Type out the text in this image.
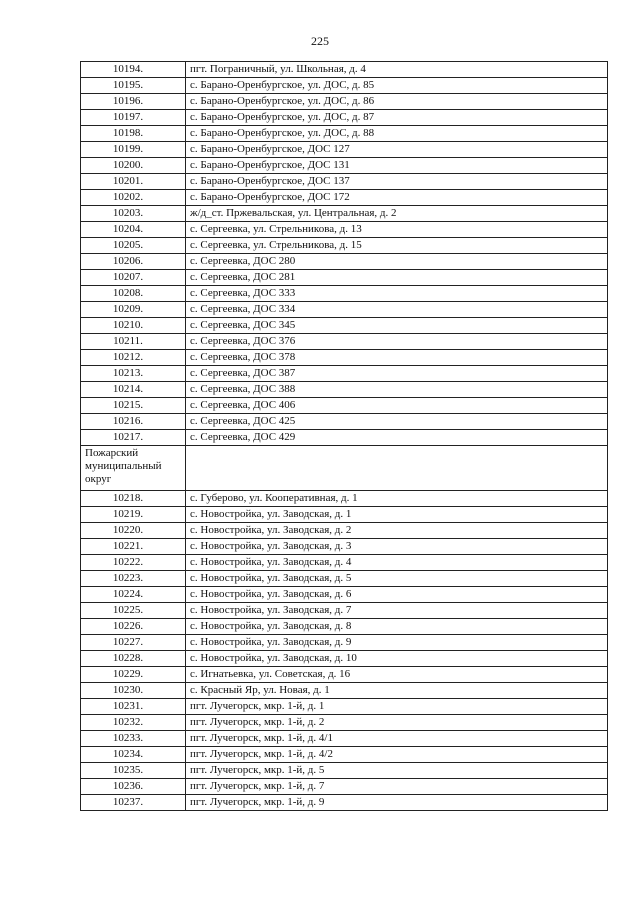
225
10194.	пгт. Пограничный, ул. Школьная, д. 4
10195.	с. Барано-Оренбургское, ул. ДОС, д. 85
10196.	с. Барано-Оренбургское, ул. ДОС, д. 86
10197.	с. Барано-Оренбургское, ул. ДОС, д. 87
10198.	с. Барано-Оренбургское, ул. ДОС, д. 88
10199.	с. Барано-Оренбургское, ДОС 127
10200.	с. Барано-Оренбургское, ДОС 131
10201.	с. Барано-Оренбургское, ДОС 137
10202.	с. Барано-Оренбургское, ДОС 172
10203.	ж/д_ст. Пржевальская, ул. Центральная, д. 2
10204.	с. Сергеевка, ул. Стрельникова, д. 13
10205.	с. Сергеевка, ул. Стрельникова, д. 15
10206.	с. Сергеевка, ДОС 280
10207.	с. Сергеевка, ДОС 281
10208.	с. Сергеевка, ДОС 333
10209.	с. Сергеевка, ДОС 334
10210.	с. Сергеевка, ДОС 345
10211.	с. Сергеевка, ДОС 376
10212.	с. Сергеевка, ДОС 378
10213.	с. Сергеевка, ДОС 387
10214.	с. Сергеевка, ДОС 388
10215.	с. Сергеевка, ДОС 406
10216.	с. Сергеевка, ДОС 425
10217.	с. Сергеевка, ДОС 429
Пожарский муниципальный округ	
10218.	с. Губерово, ул. Кооперативная, д. 1
10219.	с. Новостройка, ул. Заводская, д. 1
10220.	с. Новостройка, ул. Заводская, д. 2
10221.	с. Новостройка, ул. Заводская, д. 3
10222.	с. Новостройка, ул. Заводская, д. 4
10223.	с. Новостройка, ул. Заводская, д. 5
10224.	с. Новостройка, ул. Заводская, д. 6
10225.	с. Новостройка, ул. Заводская, д. 7
10226.	с. Новостройка, ул. Заводская, д. 8
10227.	с. Новостройка, ул. Заводская, д. 9
10228.	с. Новостройка, ул. Заводская, д. 10
10229.	с. Игнатьевка, ул. Советская, д. 16
10230.	с. Красный Яр, ул. Новая, д. 1
10231.	пгт. Лучегорск, мкр. 1-й, д. 1
10232.	пгт. Лучегорск, мкр. 1-й, д. 2
10233.	пгт. Лучегорск, мкр. 1-й, д. 4/1
10234.	пгт. Лучегорск, мкр. 1-й, д. 4/2
10235.	пгт. Лучегорск, мкр. 1-й, д. 5
10236.	пгт. Лучегорск, мкр. 1-й, д. 7
10237.	пгт. Лучегорск, мкр. 1-й, д. 9
